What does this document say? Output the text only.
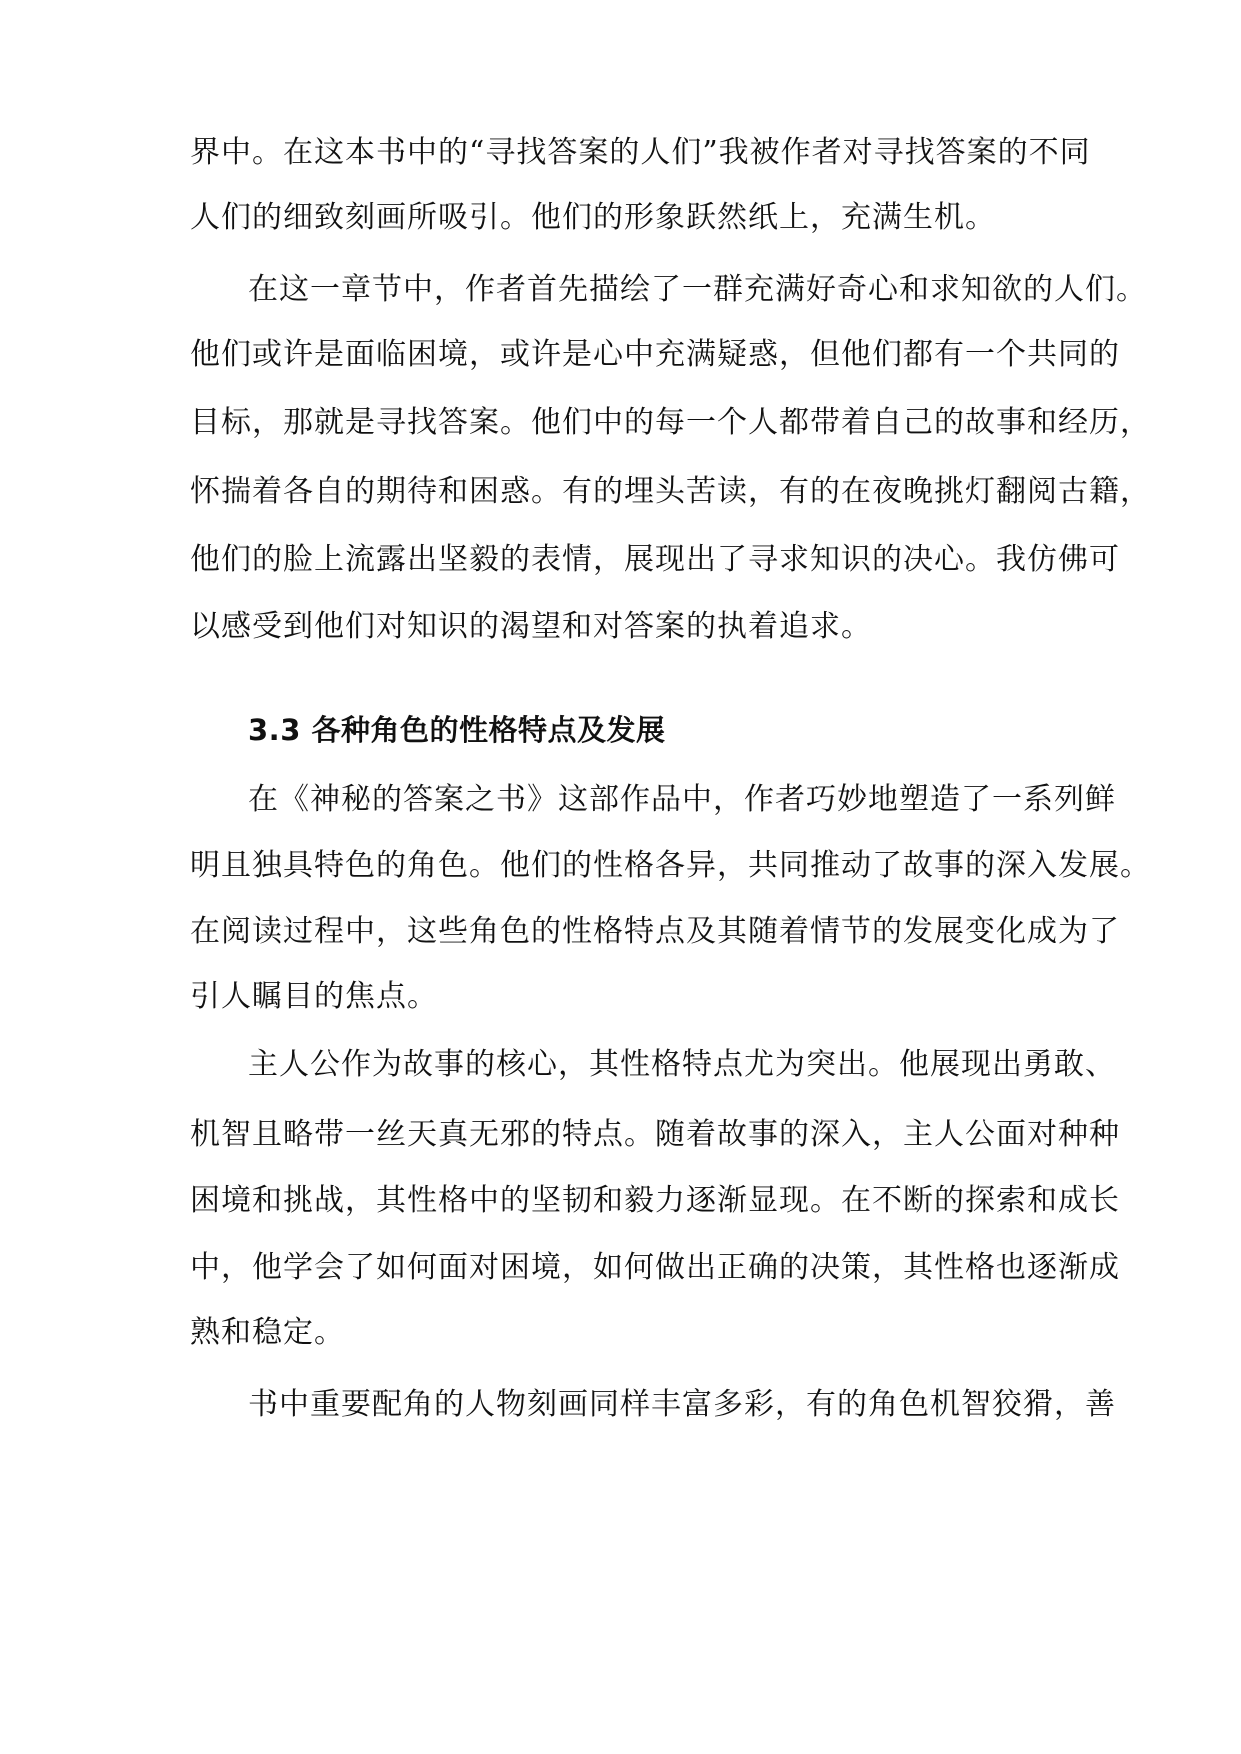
界中。在这本书中的“寻找答案的人们”我被作者对寻找答案的不同

人们的细致刻画所吸引。他们的形象跃然纸上，充满生机。

在这一章节中，作者首先描绘了一群充满好奇心和求知欲的人们。

他们或许是面临困境，或许是心中充满疑惑，但他们都有一个共同的

目标，那就是寻找答案。他们中的每一个人都带着自己的故事和经历，

怀揣着各自的期待和困惑。有的埋头苦读，有的在夜晚挑灯翻阅古籍，

他们的脸上流露出坚毅的表情，展现出了寻求知识的决心。我仿佛可

以感受到他们对知识的渴望和对答案的执着追求。

3.3 各种角色的性格特点及发展

在《神秘的答案之书》这部作品中，作者巧妙地塑造了一系列鲜

明且独具特色的角色。他们的性格各异，共同推动了故事的深入发展。

在阅读过程中，这些角色的性格特点及其随着情节的发展变化成为了

引人瞩目的焦点。

主人公作为故事的核心，其性格特点尤为突出。他展现出勇敢、

机智且略带一丝天真无邪的特点。随着故事的深入，主人公面对种种

困境和挑战，其性格中的坚韧和毅力逐渐显现。在不断的探索和成长

中，他学会了如何面对困境，如何做出正确的决策，其性格也逐渐成

熟和稳定。

书中重要配角的人物刻画同样丰富多彩，有的角色机智狡猾，善
